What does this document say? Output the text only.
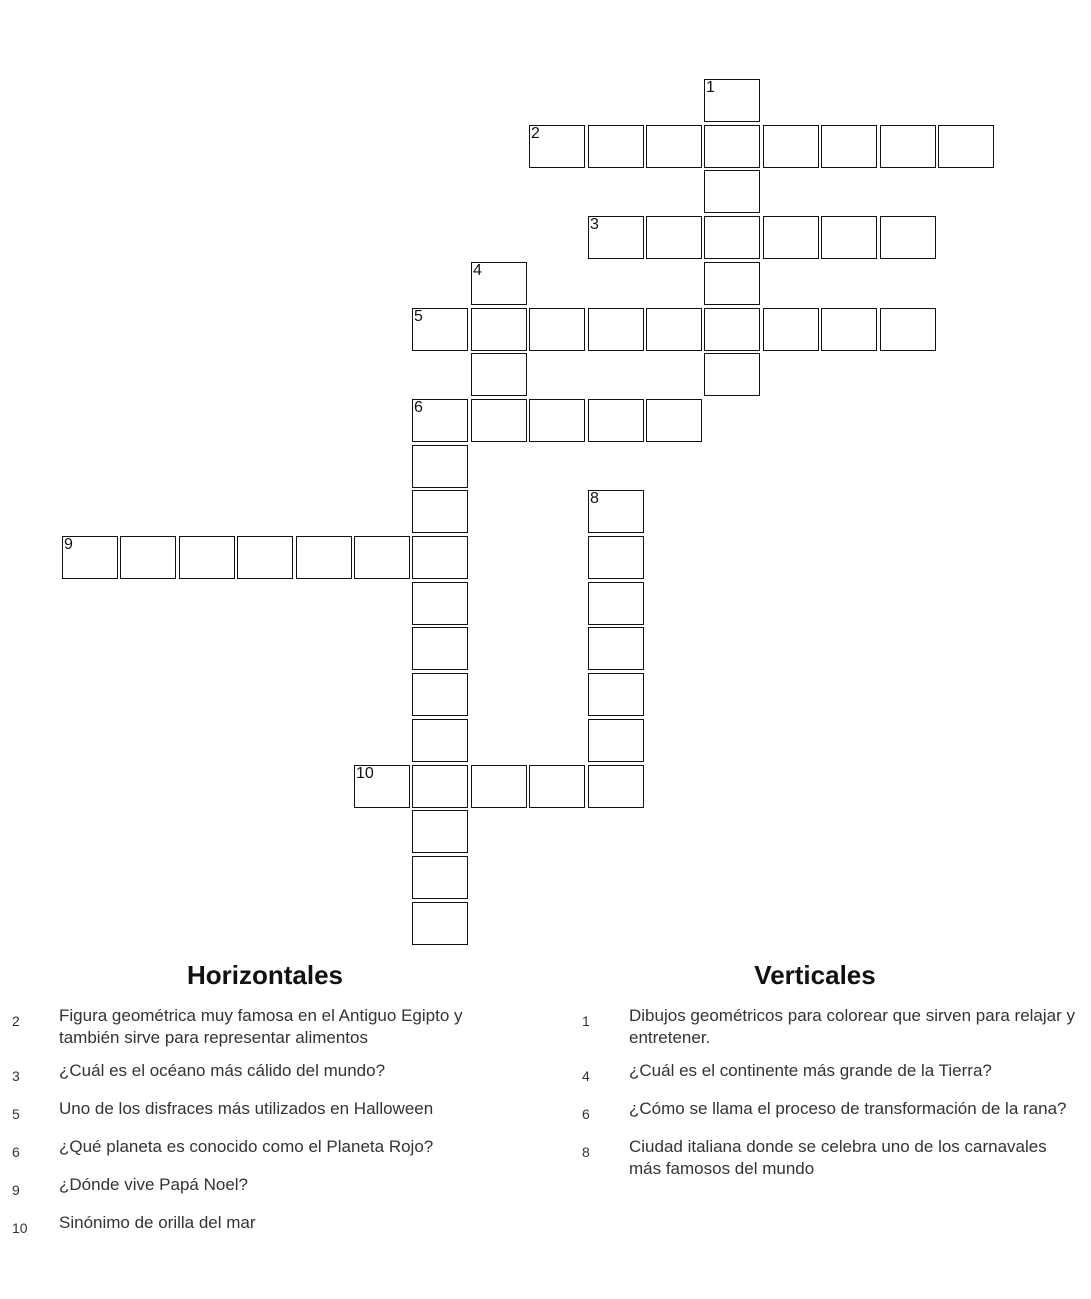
1
2
3
4
5
6
8
9
10
Horizontales	Verticales
2	Figura geométrica muy famosa en el Antiguo Egipto y también sirve para representar alimentos
3	¿Cuál es el océano más cálido del mundo?
5	Uno de los disfraces más utilizados en Halloween
6	¿Qué planeta es conocido como el Planeta Rojo?
9	¿Dónde vive Papá Noel?
10	Sinónimo de orilla del mar
1	Dibujos geométricos para colorear que sirven para relajar y entretener.
4	¿Cuál es el continente más grande de la Tierra?
6	¿Cómo se llama el proceso de transformación de la rana?
8	Ciudad italiana donde se celebra uno de los carnavales más famosos del mundo
